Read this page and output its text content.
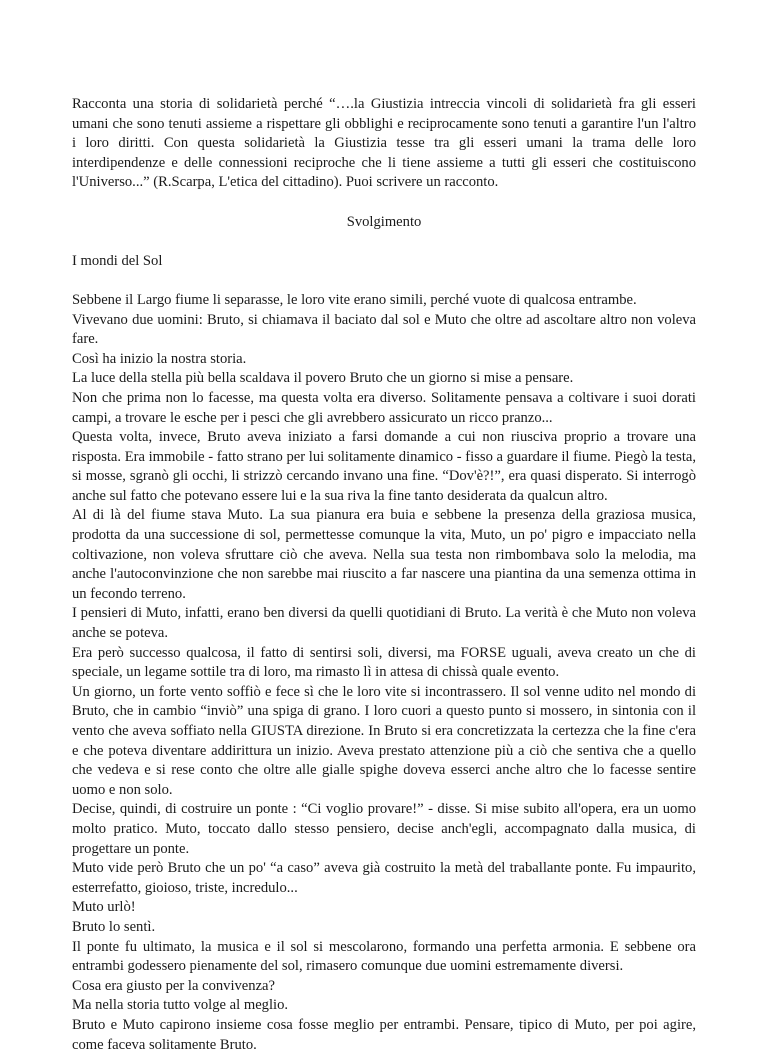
Racconta una storia di solidarietà perché “….la Giustizia intreccia vincoli di solidarietà fra gli esseri umani che sono tenuti assieme a rispettare gli obblighi e reciprocamente sono tenuti a garantire l'un l'altro i loro diritti. Con questa solidarietà la Giustizia tesse tra gli esseri umani la trama delle loro interdipendenze e delle connessioni reciproche che li tiene assieme a tutti gli esseri che costituiscono l'Universo...” (R.Scarpa, L'etica del cittadino). Puoi scrivere un racconto.

Svolgimento

I mondi del Sol

Sebbene il Largo fiume li separasse, le loro vite erano simili, perché vuote di qualcosa entrambe.

Vivevano due uomini: Bruto, si chiamava il baciato dal sol e Muto che oltre ad ascoltare altro non voleva fare.

Così ha inizio la nostra storia.

La luce della stella più bella scaldava il povero Bruto che un giorno si mise a pensare.

Non che prima non lo facesse, ma questa volta era diverso. Solitamente pensava a coltivare i suoi dorati campi, a trovare le esche per i pesci che gli avrebbero assicurato un ricco pranzo...

Questa volta, invece, Bruto aveva iniziato a farsi domande a cui non riusciva proprio a trovare una risposta. Era immobile - fatto strano per lui solitamente dinamico - fisso a guardare il fiume. Piegò la testa, si mosse, sgranò gli occhi, li strizzò cercando invano una fine. “Dov'è?!”, era quasi disperato. Si interrogò anche sul fatto che potevano essere lui e la sua riva la fine tanto desiderata da qualcun altro.

Al di là del fiume stava Muto. La sua pianura era buia e sebbene la presenza della graziosa musica, prodotta da una successione di sol, permettesse comunque la vita, Muto, un po' pigro e impacciato nella coltivazione, non voleva sfruttare ciò che aveva. Nella sua testa non rimbombava solo la melodia, ma anche l'autoconvinzione che non sarebbe mai riuscito a far nascere una piantina da una semenza ottima in un fecondo terreno.

I pensieri di Muto, infatti, erano ben diversi da quelli quotidiani di Bruto. La verità è che Muto non voleva anche se poteva.

Era però successo qualcosa, il fatto di sentirsi soli, diversi, ma FORSE uguali, aveva creato un che di speciale, un legame sottile tra di loro, ma rimasto lì in attesa di chissà quale evento.

Un giorno, un forte vento soffiò e fece sì che le loro vite si incontrassero. Il sol venne udito nel mondo di Bruto, che in cambio “inviò” una spiga di grano. I loro cuori a questo punto si mossero, in sintonia con il vento che aveva soffiato nella GIUSTA direzione. In Bruto si era concretizzata la certezza che la fine c'era e che poteva diventare addirittura un inizio. Aveva prestato attenzione più a ciò che sentiva che a quello che vedeva e si rese conto che oltre alle gialle spighe doveva esserci anche altro che lo facesse sentire uomo e non solo.

Decise, quindi, di costruire un ponte : “Ci voglio provare!” - disse. Si mise subito all'opera, era un uomo molto pratico. Muto, toccato dallo stesso pensiero, decise anch'egli, accompagnato dalla musica, di progettare un ponte.

Muto vide però Bruto che un po' “a caso” aveva già costruito la metà del traballante ponte. Fu impaurito, esterrefatto, gioioso, triste, incredulo...

Muto urlò!

Bruto lo sentì.

Il ponte fu ultimato, la musica e il sol si mescolarono, formando una perfetta armonia. E sebbene ora entrambi godessero pienamente del sol, rimasero comunque due uomini estremamente diversi.

Cosa era giusto per la convivenza?

Ma nella storia tutto volge al meglio.

Bruto e Muto capirono insieme cosa fosse meglio per entrambi. Pensare, tipico di Muto, per poi agire, come faceva solitamente Bruto.
